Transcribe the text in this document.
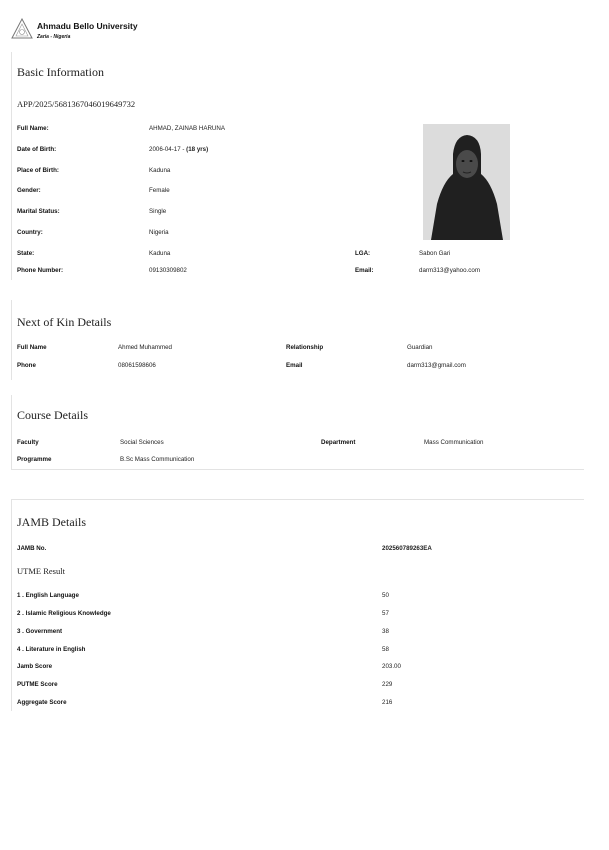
Ahmadu Bello University
Zaria - Nigeria
Basic Information
APP/2025/5681367046019649732
Full Name:	AHMAD, ZAINAB HARUNA
Date of Birth:	2006-04-17 - (18 yrs)
Place of Birth:	Kaduna
Gender:	Female
Marital Status:	Single
Country:	Nigeria
State:	Kaduna	LGA:	Sabon Gari
Phone Number:	09130309802	Email:	darm313@yahoo.com
Next of Kin Details
Full Name	Ahmed Muhammed	Relationship	Guardian
Phone	08061598606	Email	darm313@gmail.com
Course Details
Faculty	Social Sciences	Department	Mass Communication
Programme	B.Sc Mass Communication
JAMB Details
JAMB No.	202560789263EA
UTME Result
1 . English Language	50
2 . Islamic Religious Knowledge	57
3 . Government	38
4 . Literature in English	58
Jamb Score	203.00
PUTME Score	229
Aggregate Score	216
